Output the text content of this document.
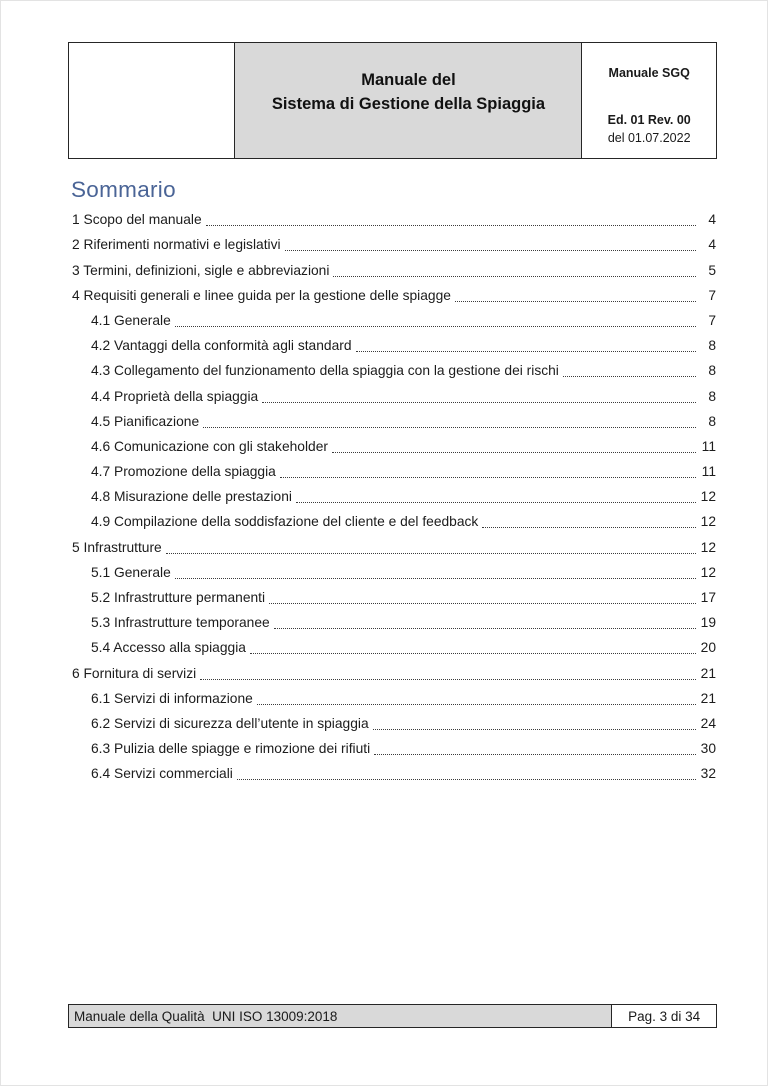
Manuale del
Sistema di Gestione della Spiaggia
Manuale SGQ
Ed. 01 Rev. 00
del 01.07.2022
Sommario
1 Scopo del manuale	4
2 Riferimenti normativi e legislativi	4
3 Termini, definizioni, sigle e abbreviazioni	5
4 Requisiti generali e linee guida per la gestione delle spiagge	7
4.1 Generale	7
4.2 Vantaggi della conformità agli standard	8
4.3 Collegamento del funzionamento della spiaggia con la gestione dei rischi	8
4.4 Proprietà della spiaggia	8
4.5 Pianificazione	8
4.6 Comunicazione con gli stakeholder	11
4.7 Promozione della spiaggia	11
4.8 Misurazione delle prestazioni	12
4.9 Compilazione della soddisfazione del cliente e del feedback	12
5 Infrastrutture	12
5.1 Generale	12
5.2 Infrastrutture permanenti	17
5.3 Infrastrutture temporanee	19
5.4 Accesso alla spiaggia	20
6 Fornitura di servizi	21
6.1 Servizi di informazione	21
6.2 Servizi di sicurezza dell’utente in spiaggia	24
6.3 Pulizia delle spiagge e rimozione dei rifiuti	30
6.4 Servizi commerciali	32
Manuale della Qualità  UNI ISO 13009:2018	Pag. 3 di 34
